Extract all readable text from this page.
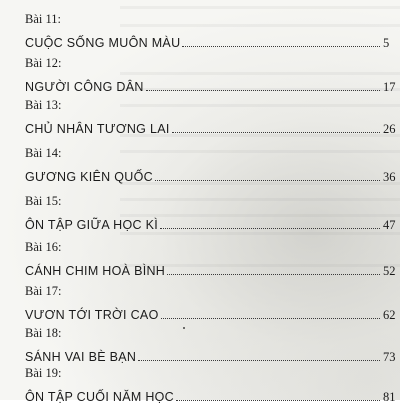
Bài 11:
CUỘC SỐNG MUÔN MÀU	5
Bài 12:
NGƯỜI CÔNG DÂN	17
Bài 13:
CHỦ NHÂN TƯƠNG LAI	26
Bài 14:
GƯƠNG KIÊN QUỐC	36
Bài 15:
ÔN TẬP GIỮA HỌC KÌ	47
Bài 16:
CÁNH CHIM HOÀ BÌNH	52
Bài 17:
VƯƠN TỚI TRỜI CAO	62
Bài 18:
SÁNH VAI BÈ BẠN	73
Bài 19:
ÔN TẬP CUỐI NĂM HỌC	81
